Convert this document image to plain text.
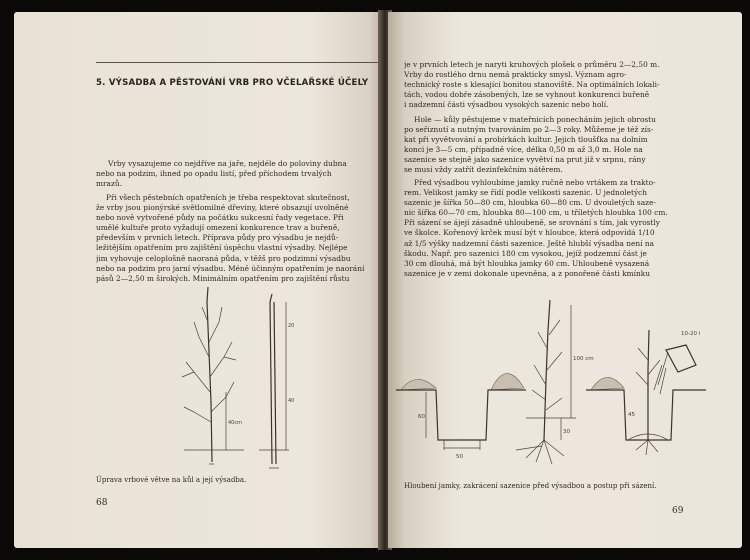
5. VÝSADBA A PĚSTOVÁNÍ VRB PRO VČELAŘSKÉ ÚČELY
Vrby vysazujeme co nejdříve na jaře, nejdéle do poloviny dubna
nebo na podzim, ihned po opadu listí, před příchodem trvalých
mrazů.
Při všech pěstebních opatřeních je třeba respektovat skutečnost,
že vrby jsou pionýrské světlomilné dřeviny, které obsazují uvolněné
nebo nově vytvořené půdy na počátku sukcesní řady vegetace. Při
umělé kultuře proto vyžadují omezení konkurence trav a buřeně,
především v prvních letech. Příprava půdy pro výsadbu je nejdů-
ležitějším opatřením pro zajištění úspěchu vlastní výsadby. Nejlépe
jim vyhovuje celoplošně naoraná půda, v těžš pro podzimní výsadbu
nebo na podzim pro jarní výsadbu. Méně účinným opatřením je naorání
pásů 2—2,50 m širokých. Minimálním opatřením pro zajištění růstu
40cm
20
40
Úprava vrbové větve na kůl a její výsadba.
68
je v prvních letech je naryti kruhových plošek o průměru 2—2,50 m.
Vrby do rostlého drnu nemá prakticky smysl. Význam agro-
technický roste s klesající bonitou stanoviště. Na optimálních lokali-
tách, vodou dobře zásobených, lze se vyhnout konkurenci buřeně
i nadzemní části výsadbou vysokých sazenic nebo holí.
Hole — kůly pěstujeme v mateřnicích ponecháním jejich obrostu
po seřiznutí a nutným tvarováním po 2—3 roky. Můžeme je též zís-
kat při vyvětvování a probírkách kultur. Jejich tloušťka na dolním
konci je 3—5 cm, případně více, délka 0,50 m až 3,0 m. Hole na
sazenice se stejně jako sazenice vyvětví na prut již v srpnu, rány
se musí vždy zatřít dezinfekčním nátěrem.
Před výsadbou vyhloubíme jamky ručně nebo vrtákem za trakto-
rem. Velikost jamky se řídí podle velikosti sazenic. U jednoletých
sazenic je šířka 50—80 cm, hloubka 60—80 cm. U dvouletých saze-
nic šířka 60—70 cm, hloubka 80—100 cm, u tříletých hloubka 100 cm.
Při sázení se ájejí zásadně uhloubeně, se srovnání s tím, jak vyrostly
ve školce. Kořenový krček musí být v hloubce, která odpovídá 1/10
až 1/5 výšky nadzemní části sazenice. Ještě hlubší výsadba není na
škodu. Např. pro sazenici 180 cm vysokou, jejíž podzemní část je
30 cm dlouhá, má být hloubka jamky 60 cm. Uhloubeně vysazená
sazenice je v zemi dokonale upevněna, a z ponořené části kmínku
50
60
100 cm
30
45
10-20 l
Hloubení jamky, zakrácení sazenice před výsadbou a postup při sázení.
69
